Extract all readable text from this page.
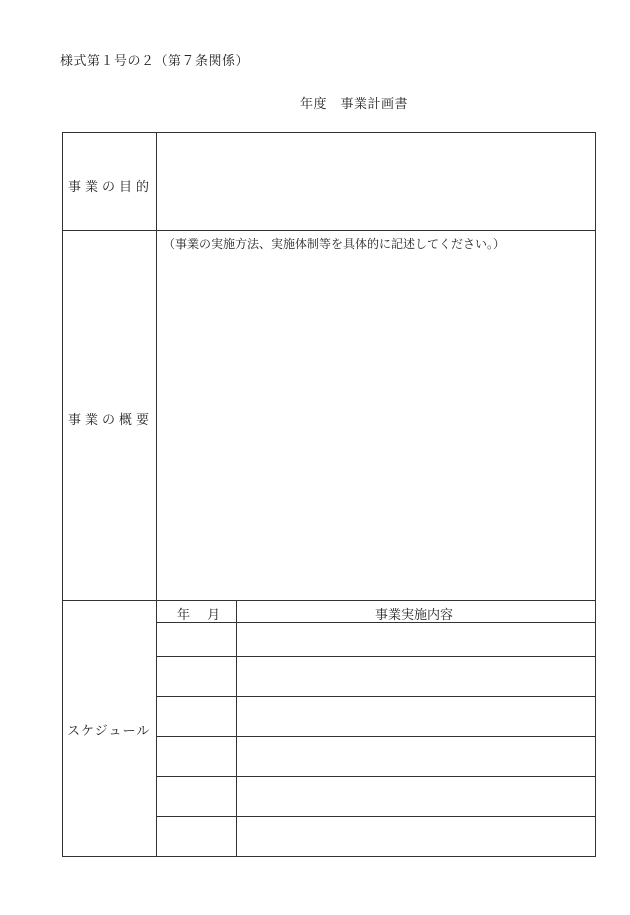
様式第１号の２（第７条関係）
年度　事業計画書
事業の目的
事業の概要
（事業の実施方法、実施体制等を具体的に記述してください。）
スケジュール
年　 月	事業実施内容
